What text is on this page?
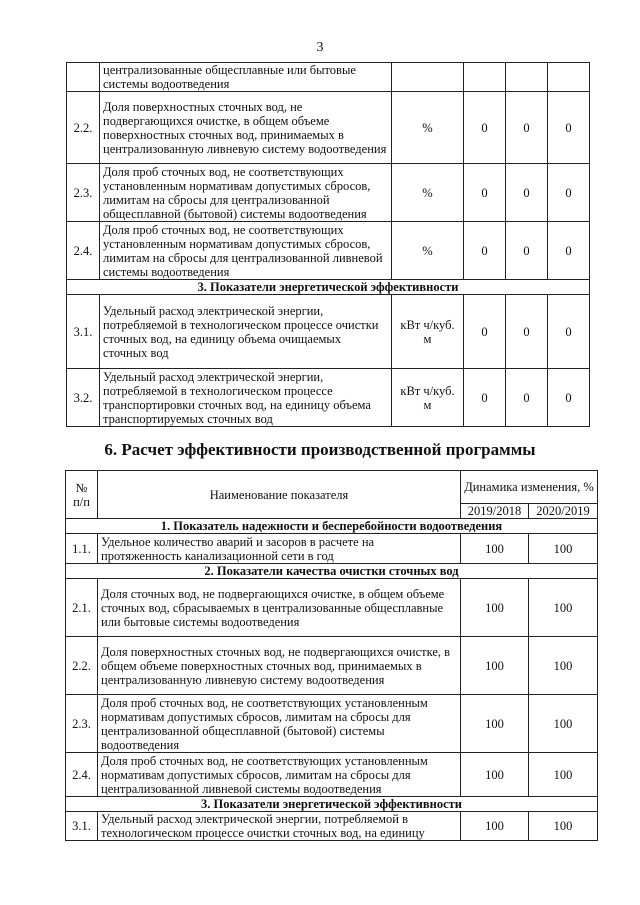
3
	централизованные общесплавные или бытовые системы водоотведения				
2.2.	Доля поверхностных сточных вод, не подвергающихся очистке, в общем объеме поверхностных сточных вод, принимаемых в централизованную ливневую систему водоотведения	%	0	0	0
2.3.	Доля проб сточных вод, не соответствующих установленным нормативам допустимых сбросов, лимитам на сбросы для централизованной общесплавной (бытовой) системы водоотведения	%	0	0	0
2.4.	Доля проб сточных вод, не соответствующих установленным нормативам допустимых сбросов, лимитам на сбросы для централизованной ливневой системы водоотведения	%	0	0	0
3. Показатели энергетической эффективности					
3.1.	Удельный расход электрической энергии, потребляемой в технологическом процессе очистки сточных вод, на единицу объема очищаемых сточных вод	кВт ч/куб. м	0	0	0
3.2.	Удельный расход электрической энергии, потребляемой в технологическом процессе транспортировки сточных вод, на единицу объема транспортируемых сточных вод	кВт ч/куб. м	0	0	0
6. Расчет эффективности производственной программы
№ п/п	Наименование показателя	Динамика изменения, %	
		2019/2018	2020/2019
1. Показатель надежности и бесперебойности водоотведения			
1.1.	Удельное количество аварий и засоров в расчете на протяженность канализационной сети в год	100	100
2. Показатели качества очистки сточных вод			
2.1.	Доля сточных вод, не подвергающихся очистке, в общем объеме сточных вод, сбрасываемых в централизованные общесплавные или бытовые системы водоотведения	100	100
2.2.	Доля поверхностных сточных вод, не подвергающихся очистке, в общем объеме поверхностных сточных вод, принимаемых в централизованную ливневую систему водоотведения	100	100
2.3.	Доля проб сточных вод, не соответствующих установленным нормативам допустимых сбросов, лимитам на сбросы для централизованной общесплавной (бытовой) системы водоотведения	100	100
2.4.	Доля проб сточных вод, не соответствующих установленным нормативам допустимых сбросов, лимитам на сбросы для централизованной ливневой системы водоотведения	100	100
3. Показатели энергетической эффективности			
3.1.	Удельный расход электрической энергии, потребляемой в технологическом процессе очистки сточных вод, на единицу	100	100
